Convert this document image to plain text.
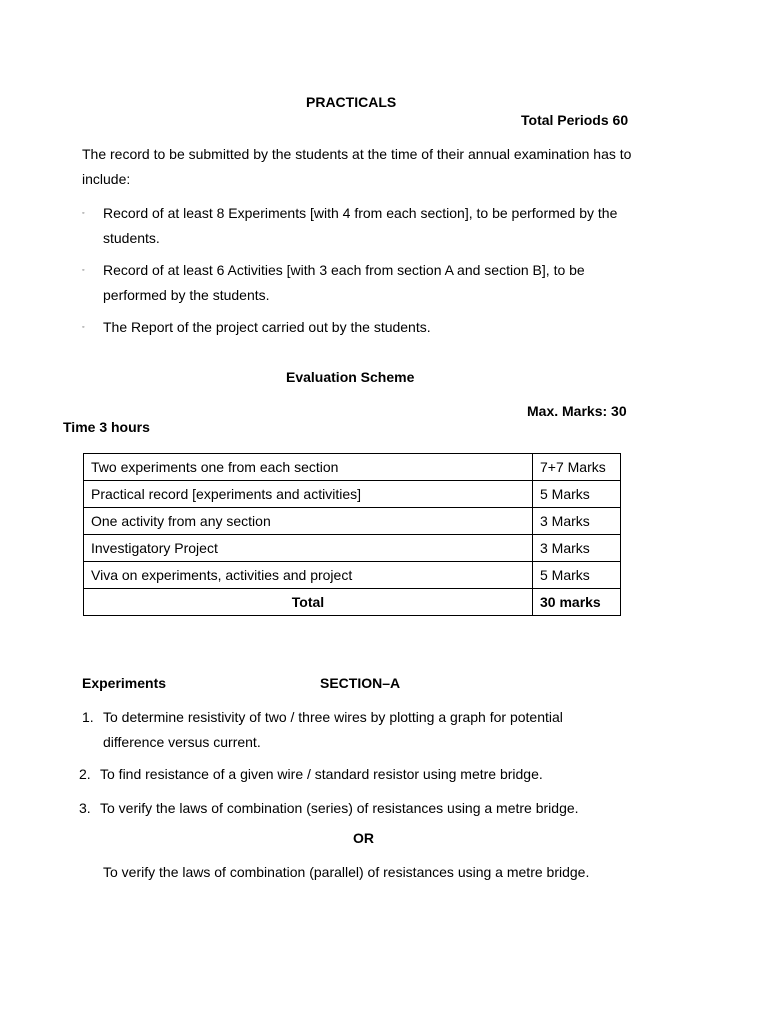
PRACTICALS
Total Periods 60
The record to be submitted by the students at the time of their annual examination has to include:
◦ Record of at least 8 Experiments [with 4 from each section], to be performed by the students.
◦ Record of at least 6 Activities [with 3 each from section A and section B], to be performed by the students.
◦ The Report of the project carried out by the students.
Evaluation Scheme
Max. Marks: 30
Time 3 hours
Two experiments one from each section	7+7 Marks
Practical record [experiments and activities]	5 Marks
One activity from any section	3 Marks
Investigatory Project	3 Marks
Viva on experiments, activities and project	5 Marks
Total	30 marks
Experiments	SECTION–A
1. To determine resistivity of two / three wires by plotting a graph for potential difference versus current.
2. To find resistance of a given wire / standard resistor using metre bridge.
3. To verify the laws of combination (series) of resistances using a metre bridge.
OR
To verify the laws of combination (parallel) of resistances using a metre bridge.
